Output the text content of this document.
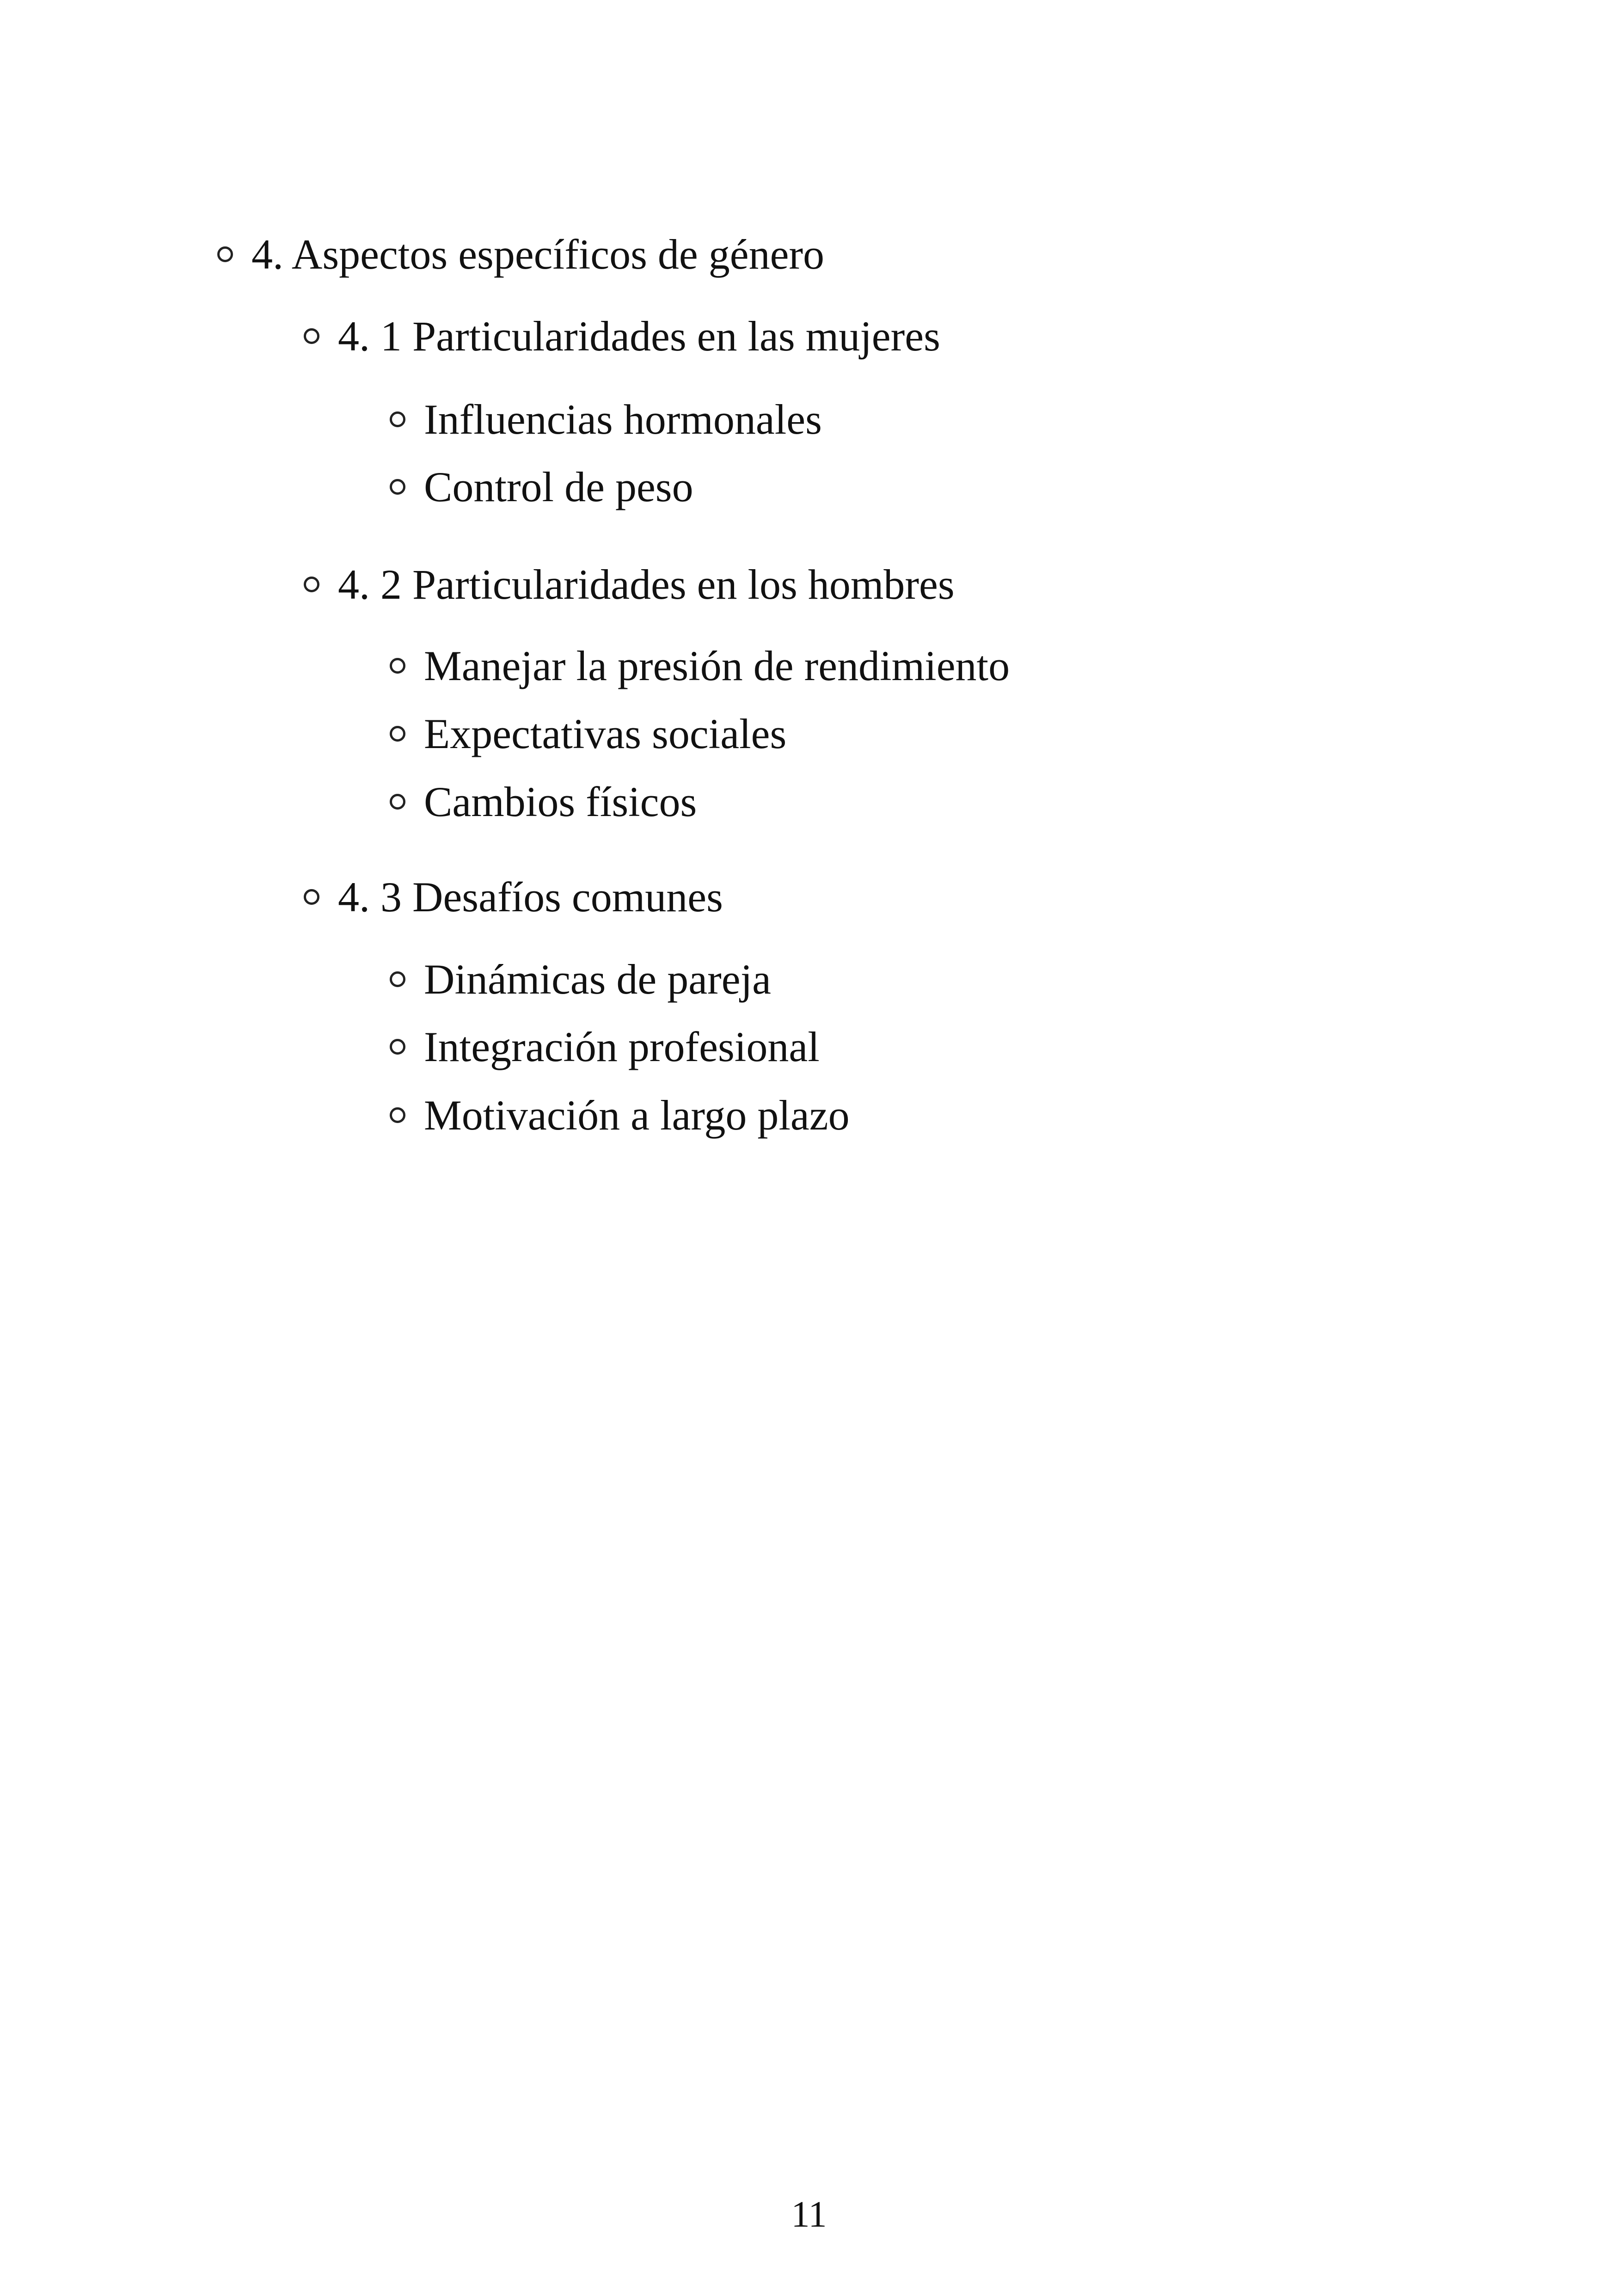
4. Aspectos específicos de género
4. 1 Particularidades en las mujeres
Influencias hormonales
Control de peso
4. 2 Particularidades en los hombres
Manejar la presión de rendimiento
Expectativas sociales
Cambios físicos
4. 3 Desafíos comunes
Dinámicas de pareja
Integración profesional
Motivación a largo plazo
11
